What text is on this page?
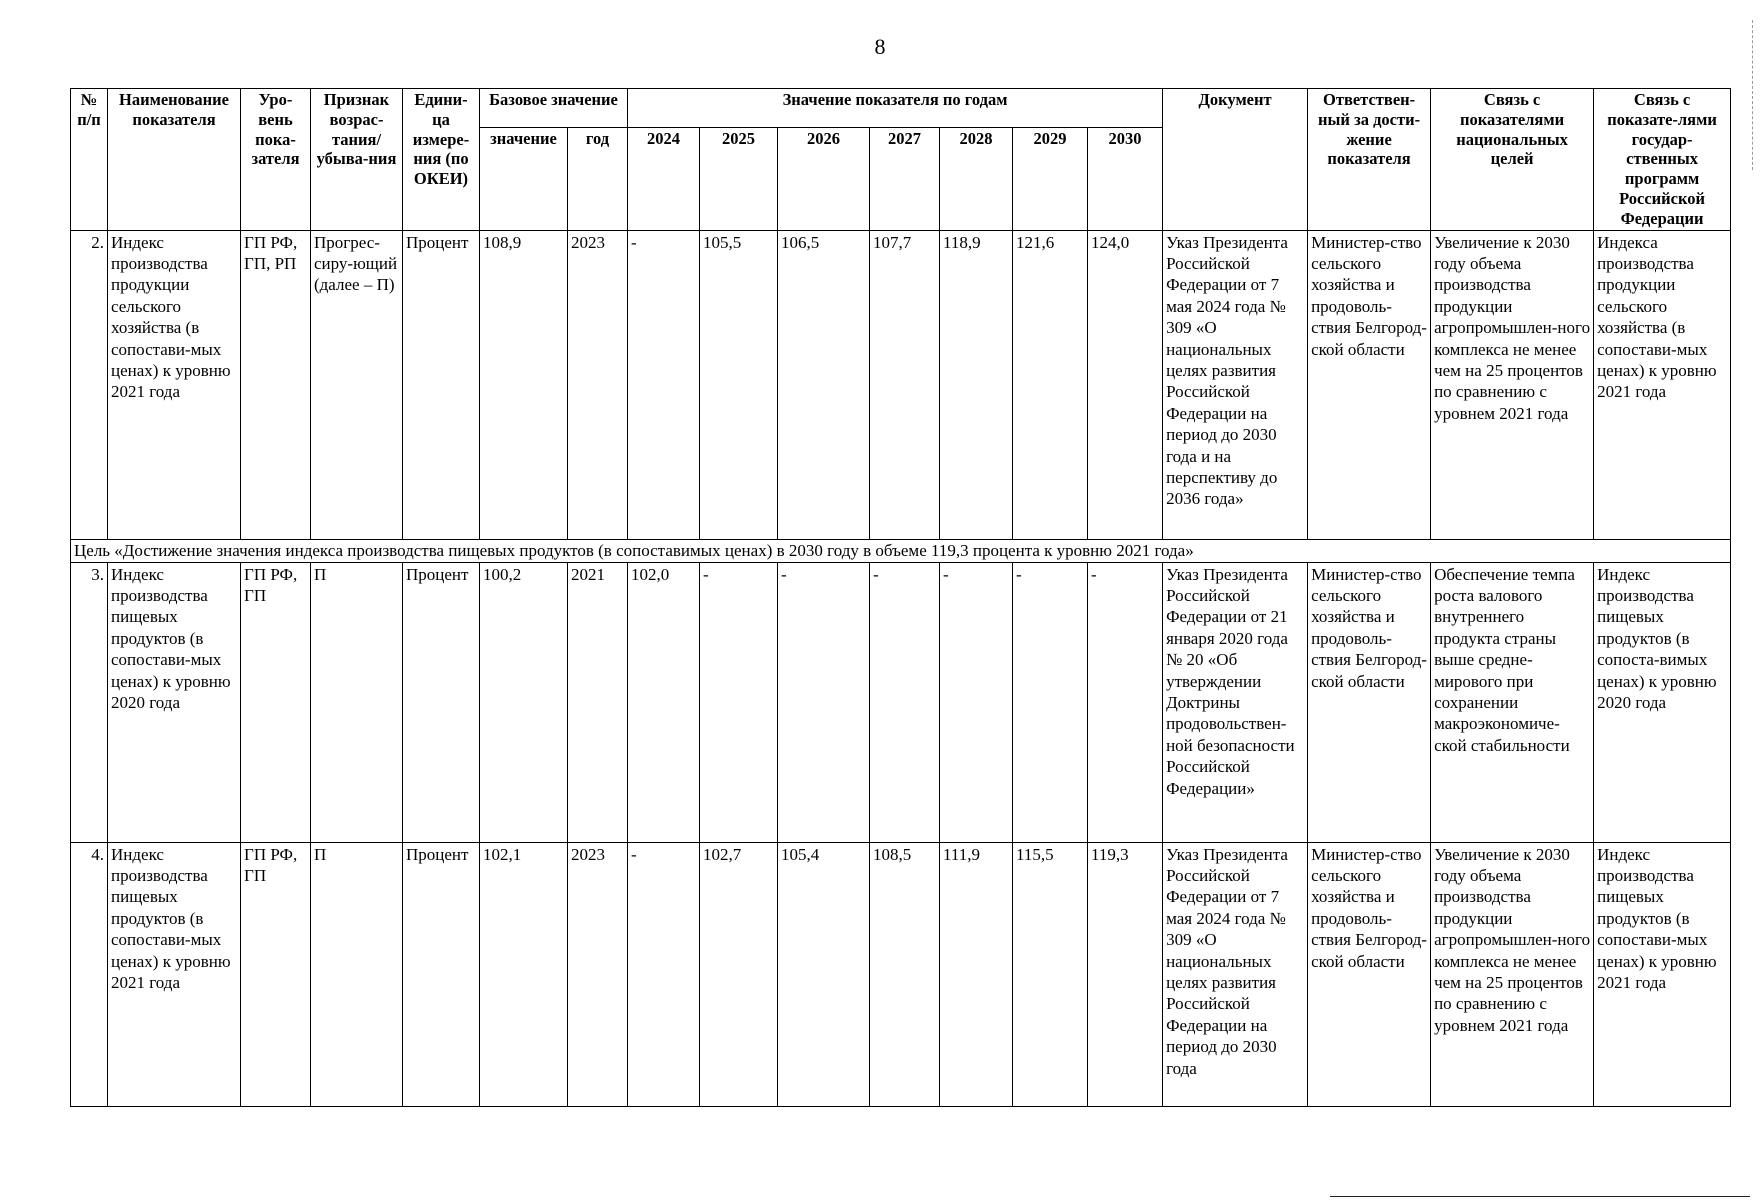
8
№ п/п	Наименование показателя	Уро-вень пока-зателя	Признак возрас-тания/ убыва-ния	Едини-ца измере-ния (по ОКЕИ)	Базовое значение		Значение показателя по годам							Документ	Ответствен-ный за дости-жение показателя	Связь с показателями национальных целей	Связь с показате-лями государ-ственных программ Российской Федерации
					значение	год	2024	2025	2026	2027	2028	2029	2030				
2.	Индекс производства продукции сельского хозяйства (в сопостави-мых ценах) к уровню 2021 года	ГП РФ, ГП, РП	Прогрес-сиру-ющий (далее – П)	Процент	108,9	2023	-	105,5	106,5	107,7	118,9	121,6	124,0	Указ Президента Российской Федерации от 7 мая 2024 года № 309 «О национальных целях развития Российской Федерации на период до 2030 года и на перспективу до 2036 года»	Министер-ство сельского хозяйства и продоволь-ствия Белгород-ской области	Увеличение к 2030 году объема производства продукции агропромышлен-ного комплекса не менее чем на 25 процентов по сравнению с уровнем 2021 года	Индекса производства продукции сельского хозяйства (в сопостави-мых ценах) к уровню 2021 года
Цель «Достижение значения индекса производства пищевых продуктов (в сопоставимых ценах) в 2030 году в объеме 119,3 процента к уровню 2021 года»																	
3.	Индекс производства пищевых продуктов (в сопостави-мых ценах) к уровню 2020 года	ГП РФ, ГП	П	Процент	100,2	2021	102,0	-	-	-	-	-	-	Указ Президента Российской Федерации от 21 января 2020 года № 20 «Об утверждении Доктрины продовольствен-ной безопасности Российской Федерации»	Министер-ство сельского хозяйства и продоволь-ствия Белгород-ской области	Обеспечение темпа роста валового внутреннего продукта страны выше средне-мирового при сохранении макроэкономиче-ской стабильности	Индекс производства пищевых продуктов (в сопоста-вимых ценах) к уровню 2020 года
4.	Индекс производства пищевых продуктов (в сопостави-мых ценах) к уровню 2021 года	ГП РФ, ГП	П	Процент	102,1	2023	-	102,7	105,4	108,5	111,9	115,5	119,3	Указ Президента Российской Федерации от 7 мая 2024 года № 309 «О национальных целях развития Российской Федерации на период до 2030 года	Министер-ство сельского хозяйства и продоволь-ствия Белгород-ской области	Увеличение к 2030 году объема производства продукции агропромышлен-ного комплекса не менее чем на 25 процентов по сравнению с уровнем 2021 года	Индекс производства пищевых продуктов (в сопостави-мых ценах) к уровню 2021 года
